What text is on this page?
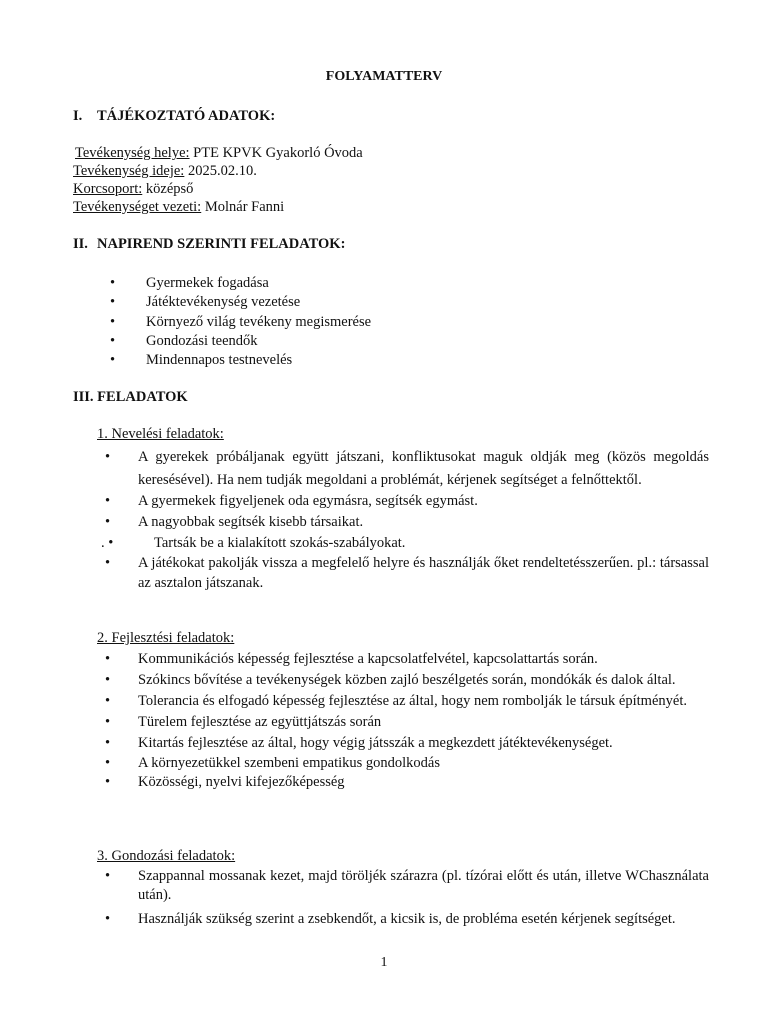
FOLYAMATTERV
I. TÁJÉKOZTATÓ ADATOK:
Tevékenység helye: PTE KPVK Gyakorló Óvoda
Tevékenység ideje: 2025.02.10.
Korcsoport: középső
Tevékenységet vezeti: Molnár Fanni
II. NAPIREND SZERINTI FELADATOK:
• Gyermekek fogadása
• Játéktevékenység vezetése
• Környező világ tevékeny megismerése
• Gondozási teendők
• Mindennapos testnevelés
III. FELADATOK
1. Nevelési feladatok:
• A gyerekek próbáljanak együtt játszani, konfliktusokat maguk oldják meg (közös megoldás keresésével). Ha nem tudják megoldani a problémát, kérjenek segítséget a felnőttektől.
• A gyermekek figyeljenek oda egymásra, segítsék egymást.
• A nagyobbak segítsék kisebb társaikat.
. •	Tartsák be a kialakított szokás-szabályokat.
• A játékokat pakolják vissza a megfelelő helyre és használják őket rendeltetésszerűen. pl.: társassal az asztalon játszanak.
2. Fejlesztési feladatok:
• Kommunikációs képesség fejlesztése a kapcsolatfelvétel, kapcsolattartás során.
• Szókincs bővítése a tevékenységek közben zajló beszélgetés során, mondókák és dalok által.
• Tolerancia és elfogadó képesség fejlesztése az által, hogy nem rombolják le társuk építményét.
• Türelem fejlesztése az együttjátszás során
• Kitartás fejlesztése az által, hogy végig játsszák a megkezdett játéktevékenységet.
• A környezetükkel szembeni empatikus gondolkodás
• Közösségi, nyelvi kifejezőképesség
3. Gondozási feladatok:
• Szappannal mossanak kezet, majd töröljék szárazra (pl. tízórai előtt és után, illetve WChasználata után).
• Használják szükség szerint a zsebkendőt, a kicsik is, de probléma esetén kérjenek segítséget.
1
